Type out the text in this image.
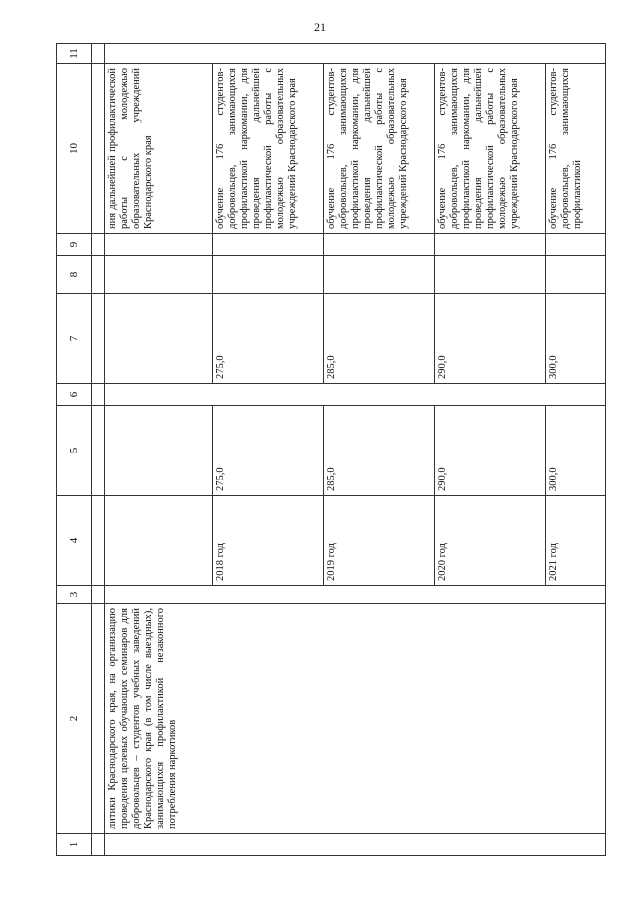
21
1	2	3	4	5	6	7	8	9	10	11

	литики Краснодарского края, на организацию проведения целевых обучающих семинаров для добровольцев – студентов учебных заведений Краснодарского края (в том числе выездных), занимающихся профилактикой незаконного потребления наркотиков								ния дальнейшей профилактической работы с молодежью образовательных учреждений Краснодарского края	
			2018 год	275,0		275,0			обучение 176 студентов-добровольцев, занимающихся профилактикой наркомании, для проведения дальнейшей профилактической работы с молодежью образовательных учреждений Краснодарского края	
			2019 год	285,0		285,0			обучение 176 студентов-добровольцев, занимающихся профилактикой наркомании, для проведения дальнейшей профилактической работы с молодежью образовательных учреждений Краснодарского края	
			2020 год	290,0		290,0			обучение 176 студентов-добровольцев, занимающихся профилактикой наркомании, для проведения дальнейшей профилактической работы с молодежью образовательных учреждений Краснодарского края	
			2021 год	300,0		300,0			обучение 176 студентов-добровольцев, занимающихся профилактикой	
